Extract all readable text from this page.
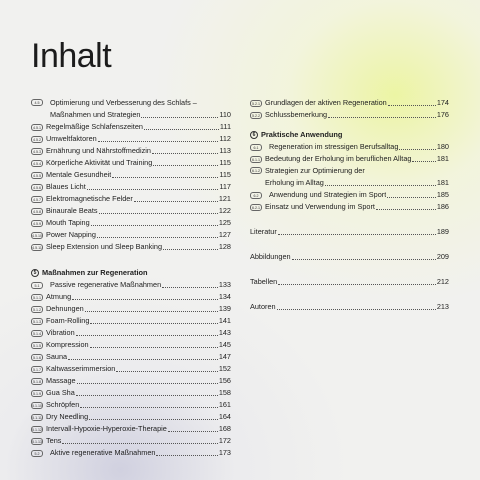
Inhalt
4.5	Optimierung und Verbesserung des Schlafs –
Maßnahmen und Strategien	110
4.5.1 Regelmäßige Schlafenszeiten	111
4.5.2 Umweltfaktoren	112
4.5.3 Ernährung und Nährstoffmedizin	113
4.5.4 Körperliche Aktivität und Training	115
4.5.5 Mentale Gesundheit	115
4.5.6 Blaues Licht	117
4.5.7 Elektromagnetische Felder	121
4.5.8 Binaurale Beats	122
4.5.9 Mouth Taping	125
4.5.10 Power Napping	127
4.5.11 Sleep Extension und Sleep Banking	128
5 Maßnahmen zur Regeneration
5.1	Passive regenerative Maßnahmen	133
5.1.1 Atmung	134
5.1.2 Dehnungen	139
5.1.3 Foam-Rolling	141
5.1.4 Vibration	143
5.1.5 Kompression	145
5.1.6 Sauna	147
5.1.7 Kaltwasserimmersion	152
5.1.8 Massage	156
5.1.9 Gua Sha	158
5.1.10 Schröpfen	161
5.1.11 Dry Needling	164
5.1.12 Intervall-Hypoxie-Hyperoxie-Therapie	168
5.1.13 Tens	172
5.2	Aktive regenerative Maßnahmen	173
5.2.1 Grundlagen der aktiven Regeneration	174
5.2.2 Schlussbemerkung	176
6 Praktische Anwendung
6.1	Regeneration im stressigen Berufsalltag	180
6.1.1 Bedeutung der Erholung im beruflichen Alltag	181
6.1.2 Strategien zur Optimierung der
Erholung im Alltag	181
6.2	Anwendung und Strategien im Sport	185
6.2.1 Einsatz und Verwendung im Sport	186
Literatur	189
Abbildungen	209
Tabellen	212
Autoren	213
